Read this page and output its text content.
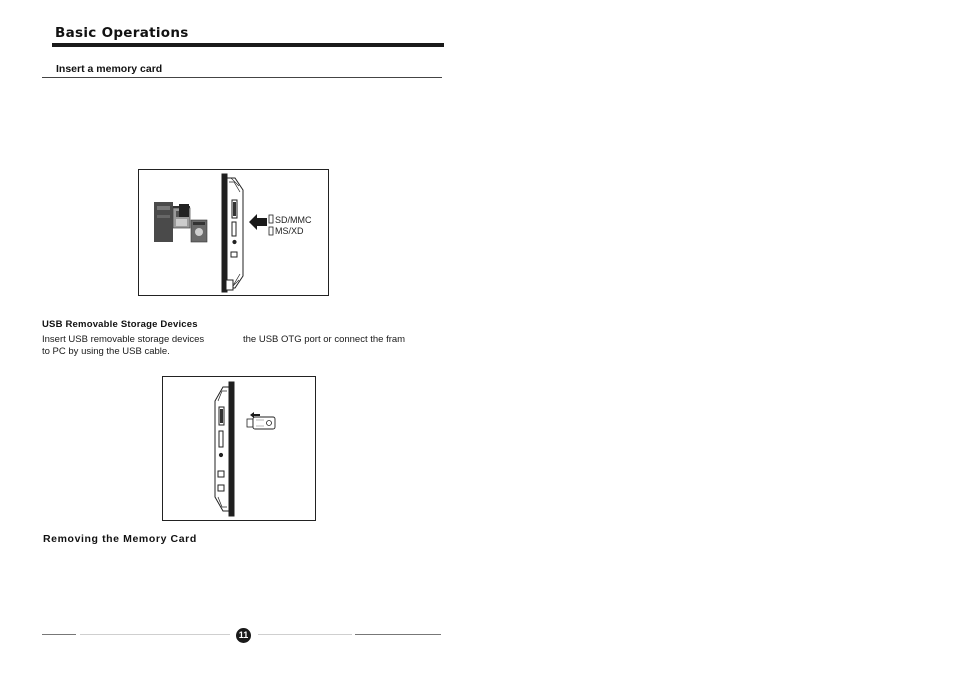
Basic Operations
Insert a memory card
SD/MMC
MS/XD
USB Removable Storage Devices
Insert USB removable storage devices	the USB OTG port or connect the fram
to PC by using the USB cable.
Removing the Memory Card
11
